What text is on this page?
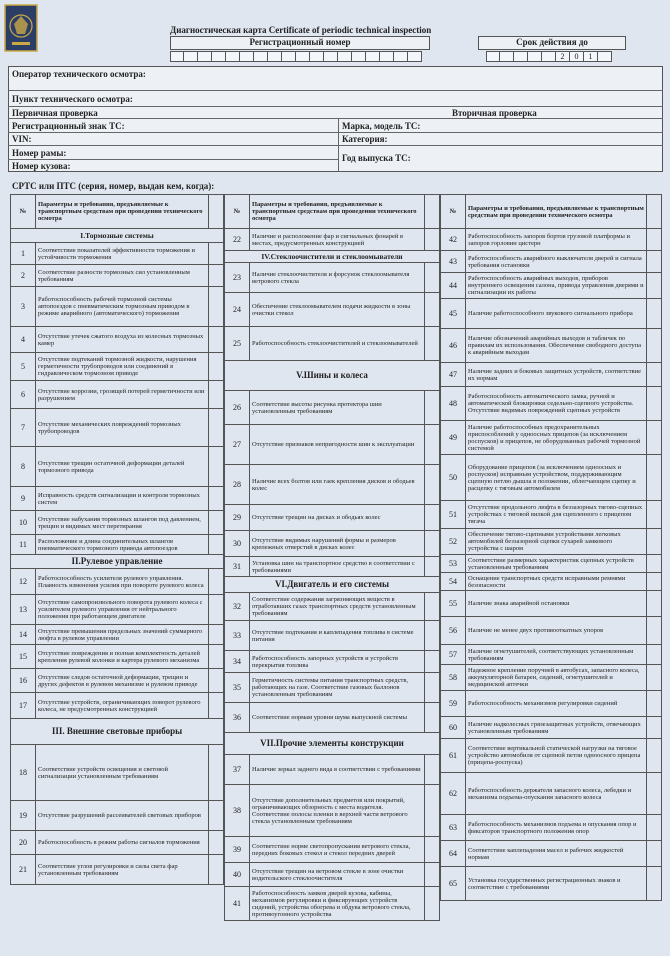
Диагностическая карта Certificate of periodic technical inspection
Регистрационный номер	Срок действия до
2	0	1
Оператор технического осмотра:
Пункт технического осмотра:
Первичная проверка	Вторичная проверка
Регистрационный знак ТС:	Марка, модель ТС:
VIN:	Категория:
Номер рамы:	Год выпуска ТС:
Номер кузова:
СРТС или ПТС (серия, номер, выдан кем, когда):
№	Параметры и требования, предъявляемые к транспортным средствам при проведении технического осмотра	
I.Тормозные системы		
1	Соответствие показателей эффективности торможения и устойчивости торможения	
2	Соответствие разности тормозных сил установленным требованиям	
3	Работоспособность рабочей тормозной системы автопоездов с пневматическим тормозным приводом в режиме аварийного (автоматического) торможения	
4	Отсутствие утечек сжатого воздуха из колесных тормозных камер	
5	Отсутствие подтеканий тормозной жидкости, нарушения герметичности трубопроводов или соединений в гидравлическом тормозном приводе	
6	Отсутствие коррозии, грозящей потерей герметичности или разрушением	
7	Отсутствие механических повреждений тормозных трубопроводов	
8	Отсутствие трещин остаточной деформации деталей тормозного привода	
9	Исправность средств сигнализации и контроля тормозных систем	
10	Отсутствие набухания тормозных шлангов под давлением, трещин и видимых мест перетирания	
11	Расположение и длина соединительных шлангов пневматического тормозного привода автопоездов	
II.Рулевое управление		
12	Работоспособность усилителя рулевого управления. Плавность изменения усилия при повороте рулевого колеса	
13	Отсутствие самопроизвольного поворота рулевого колеса с усилителем рулевого управления от нейтрального положения при работающем двигателе	
14	Отсутствие превышения предельных значений суммарного люфта в рулевом управлении	
15	Отсутствие повреждения и полная комплектность деталей крепления рулевой колонки и картера рулевого механизма	
16	Отсутствие следов остаточной деформации, трещин и других дефектов в рулевом механизме и рулевом приводе	
17	Отсутствие устройств, ограничивающих поворот рулевого колеса, не предусмотренных конструкцией	
III. Внешние световые приборы		
18	Соответствие устройств освещения и световой сигнализации установленным требованиям	
19	Отсутствие разрушений рассеивателей световых приборов	
20	Работоспособность в режим работы сигналов торможения	
21	Соответствие углов регулировки и силы света фар установленным требованиям	
№	Параметры и требования, предъявляемые к транспортным средствам при проведении технического осмотра	
22	Наличие и расположение фар и сигнальных фонарей в местах, предусмотренных конструкцией	
IV.Стеклоочистители и стеклоомыватели		
23	Наличие стеклоочистителя и форсунок стеклоомывателя ветрового стекла	
24	Обеспечение стеклоомывателем подачи жидкости в зоны очистки стекол	
25	Работоспособность стеклоочистителей и стеклоомывателей	
V.Шины и колеса		
26	Соответствие высоты рисунка протектора шин установленным требованиям	
27	Отсутствие признаков непригодности шин к эксплуатации	
28	Наличие всех болтов или гаек крепления дисков и ободьев колес	
29	Отсутствие трещин на дисках и ободьях колес	
30	Отсутствие видимых нарушений формы и размеров крепежных отверстий в дисках колес	
31	Установка шин на транспортное средство в соответствии с требованиями	
VI.Двигатель и его системы		
32	Соответствие содержания загрязняющих веществ в отработавших газах транспортных средств установленным требованиям	
33	Отсутствие подтекания и каплепадения топлива в системе питания	
34	Работоспособность запорных устройств и устройств перекрытия топлива	
35	Герметичность системы питания транспортных средств, работающих на газе. Соответствие газовых баллонов установленным требованиям	
36	Соответствие нормам уровня шума выпускной системы	
VII.Прочие элементы конструкции		
37	Наличие зеркал заднего вида в соответствии с требованиями	
38	Отсутствие дополнительных предметов или покрытий, ограничивающих обзорность с места водителя. Соответствие полосы пленки в верхней части ветрового стекла установленным требованиям	
39	Соответствие норме светопропускания ветрового стекла, передних боковых стекол и стекол передних дверей	
40	Отсутствие трещин на ветровом стекле в зоне очистки водительского стеклоочистителя	
41	Работоспособность замков дверей кузова, кабины, механизмов регулировки и фиксирующих устройств сидений, устройства обогрева и обдува ветрового стекла, противоугонного устройства	
№	Параметры и требования, предъявляемые к транспортным средствам при проведении технического осмотра	
42	Работоспособность запоров бортов грузовой платформы и запоров горловин цистерн	
43	Работоспособность аварийного выключателя дверей и сигнала требования остановки	
44	Работоспособность аварийных выходов, приборов внутреннего освещения салона, привода управления дверями и сигнализации их работы	
45	Наличие работоспособного звукового сигнального прибора	
46	Наличие обозначений аварийных выходов и табличек по правилам их использования. Обеспечение свободного доступа к аварийным выходам	
47	Наличие задних и боковых защитных устройств, соответствие их нормам	
48	Работоспособность автоматического замка, ручной и автоматической блокировки седельно-сцепного устройства. Отсутствие видимых повреждений сцепных устройств	
49	Наличие работоспособных предохранительных приспособлений у одноосных прицепов (за исключением роспусков) и прицепов, не оборудованных рабочей тормозной системой	
50	Оборудование прицепов (за исключением одноосных и роспусков) исправным устройством, поддерживающим сцепную петлю дышла в положении, облегчающем сцепку и расцепку с тяговым автомобилем	
51	Отсутствие продольного люфта в беззазорных тягово-сцепных устройствах с тяговой вилкой для сцепленного с прицепом тягача	
52	Обеспечение тягово-сцепными устройствами легковых автомобилей беззазорной сцепки сухарей замкового устройства с шаром	
53	Соответствие размерных характеристик сцепных устройств установленным требованиям	
54	Оснащение транспортных средств исправными ремнями безопасности	
55	Наличие знака аварийной остановки	
56	Наличие не менее двух противооткатных упоров	
57	Наличие огнетушителей, соответствующих установленным требованиям	
58	Надежное крепление поручней в автобусах, запасного колеса, аккумуляторной батареи, сидений, огнетушителей и медицинской аптечки	
59	Работоспособность механизмов регулировки сидений	
60	Наличие надколесных грязезащитных устройств, отвечающих установленным требованиям	
61	Соответствие вертикальной статической нагрузки на тяговое устройство автомобиля от сцепной петли одноосного прицепа (прицепа-роспуска)	
62	Работоспособность держателя запасного колеса, лебедки и механизма подъема-опускания запасного колеса	
63	Работоспособность механизмов подъема и опускания опор и фиксаторов транспортного положения опор	
64	Соответствие каплепадения масел и рабочих жидкостей нормам	
65	Установка государственных регистрационных знаков и соответствие с требованиями	
